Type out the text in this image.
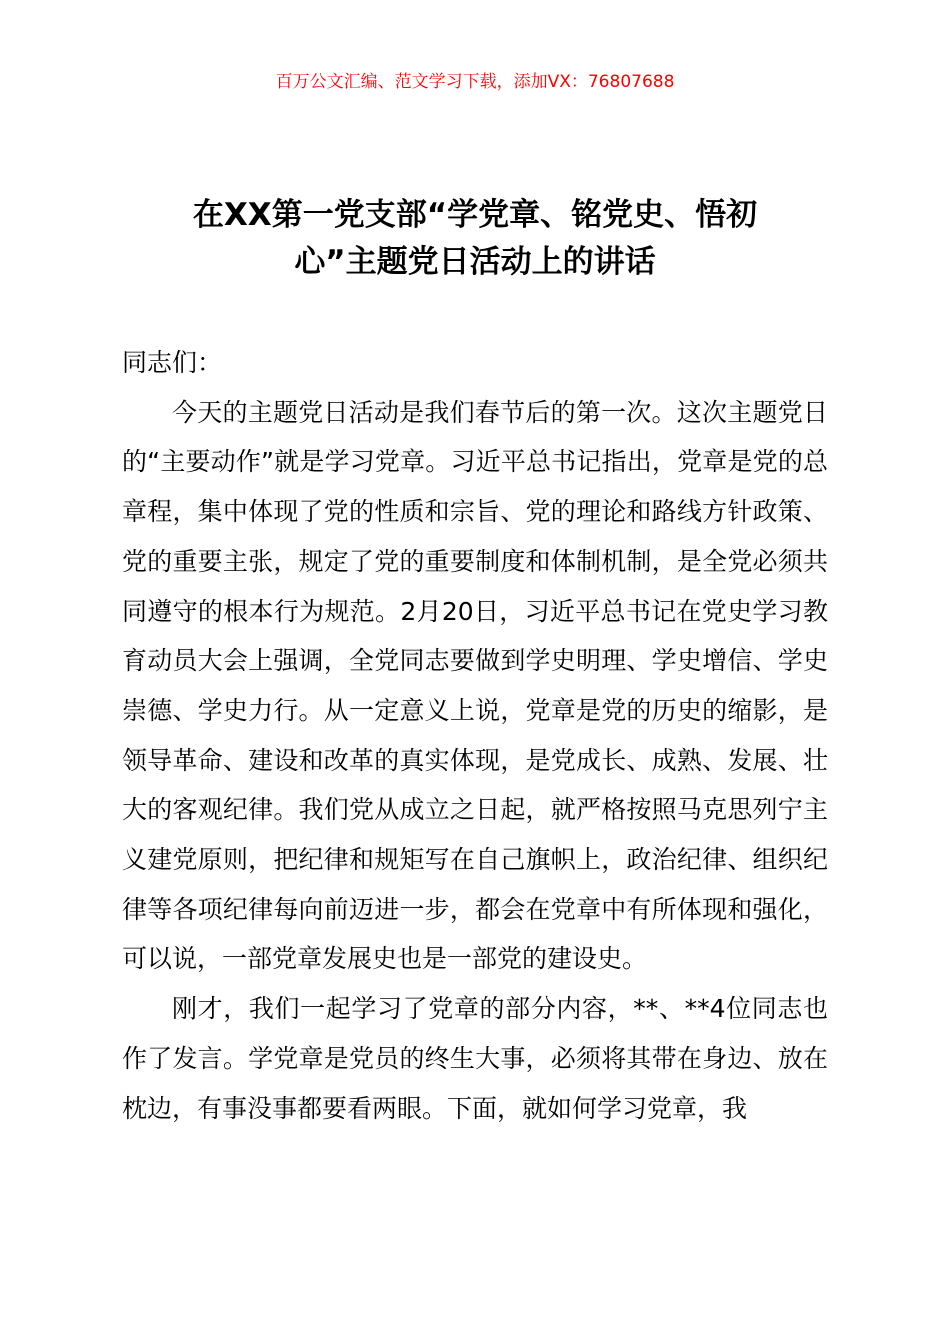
百万公文汇编、范文学习下载，添加VX：76807688
在XX第一党支部“学党章、铭党史、悟初
心”主题党日活动上的讲话

同志们：

今天的主题党日活动是我们春节后的第一次。这次主题党日的“主要动作”就是学习党章。习近平总书记指出，党章是党的总章程，集中体现了党的性质和宗旨、党的理论和路线方针政策、党的重要主张，规定了党的重要制度和体制机制，是全党必须共同遵守的根本行为规范。2月20日，习近平总书记在党史学习教育动员大会上强调，全党同志要做到学史明理、学史增信、学史崇德、学史力行。从一定意义上说，党章是党的历史的缩影，是领导革命、建设和改革的真实体现，是党成长、成熟、发展、壮大的客观纪律。我们党从成立之日起，就严格按照马克思列宁主义建党原则，把纪律和规矩写在自己旗帜上，政治纪律、组织纪律等各项纪律每向前迈进一步，都会在党章中有所体现和强化，可以说，一部党章发展史也是一部党的建设史。

刚才，我们一起学习了党章的部分内容，**、**4位同志也作了发言。学党章是党员的终生大事，必须将其带在身边、放在枕边，有事没事都要看两眼。下面，就如何学习党章，我
